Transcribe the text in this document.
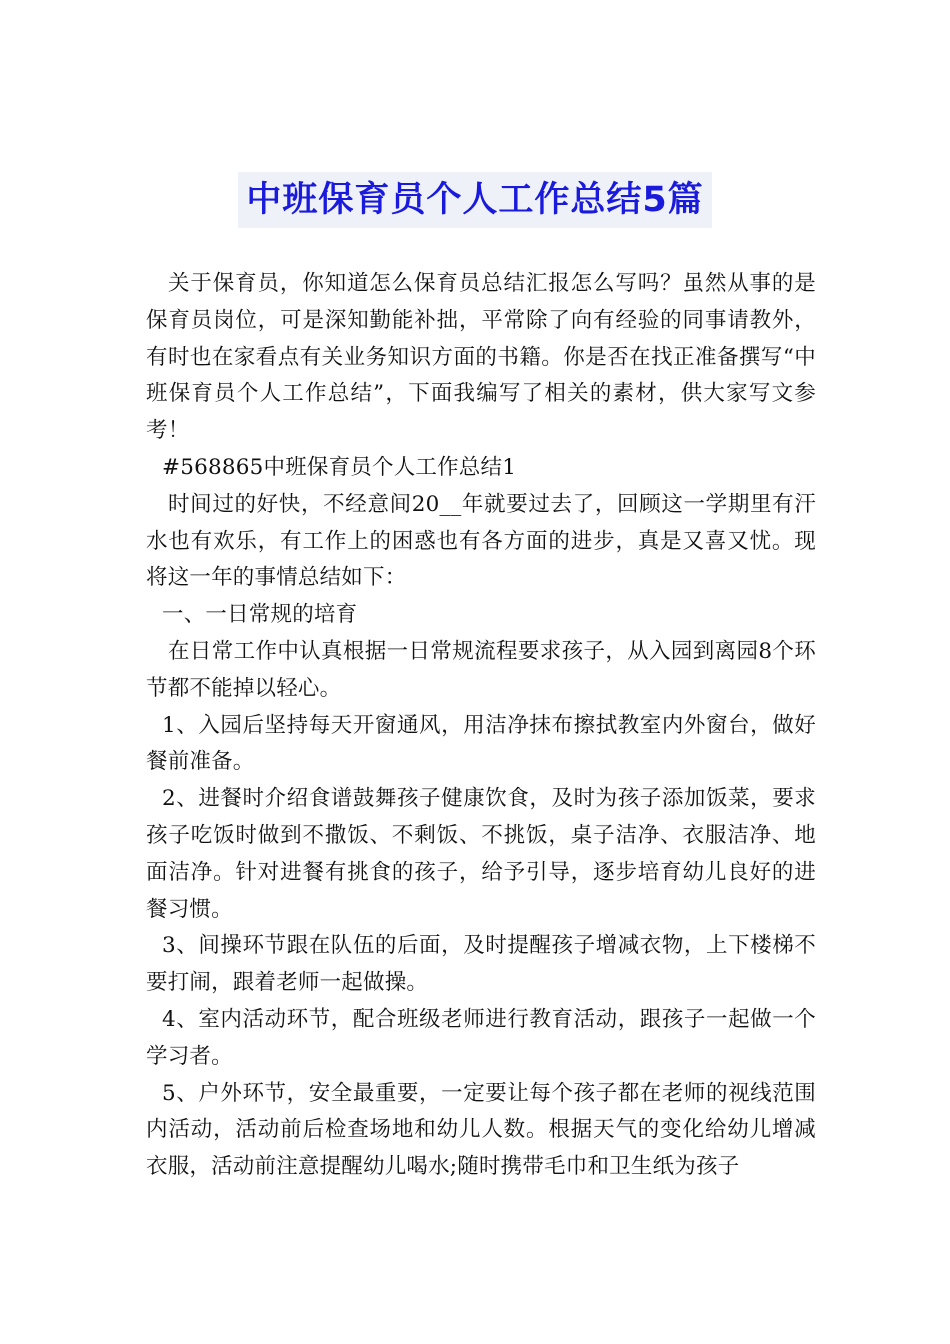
中班保育员个人工作总结5篇

关于保育员，你知道怎么保育员总结汇报怎么写吗？虽然从事的是保育员岗位，可是深知勤能补拙，平常除了向有经验的同事请教外，有时也在家看点有关业务知识方面的书籍。你是否在找正准备撰写“中班保育员个人工作总结”，下面我编写了相关的素材，供大家写文参考！

#568865中班保育员个人工作总结1

时间过的好快，不经意间20__年就要过去了，回顾这一学期里有汗水也有欢乐，有工作上的困惑也有各方面的进步，真是又喜又忧。现将这一年的事情总结如下：

一、一日常规的培育

在日常工作中认真根据一日常规流程要求孩子，从入园到离园8个环节都不能掉以轻心。

1、入园后坚持每天开窗通风，用洁净抹布擦拭教室内外窗台，做好餐前准备。

2、进餐时介绍食谱鼓舞孩子健康饮食，及时为孩子添加饭菜，要求孩子吃饭时做到不撒饭、不剩饭、不挑饭，桌子洁净、衣服洁净、地面洁净。针对进餐有挑食的孩子，给予引导，逐步培育幼儿良好的进餐习惯。

3、间操环节跟在队伍的后面，及时提醒孩子增减衣物，上下楼梯不要打闹，跟着老师一起做操。

4、室内活动环节，配合班级老师进行教育活动，跟孩子一起做一个学习者。

5、户外环节，安全最重要，一定要让每个孩子都在老师的视线范围内活动，活动前后检查场地和幼儿人数。根据天气的变化给幼儿增减衣服，活动前注意提醒幼儿喝水;随时携带毛巾和卫生纸为孩子
